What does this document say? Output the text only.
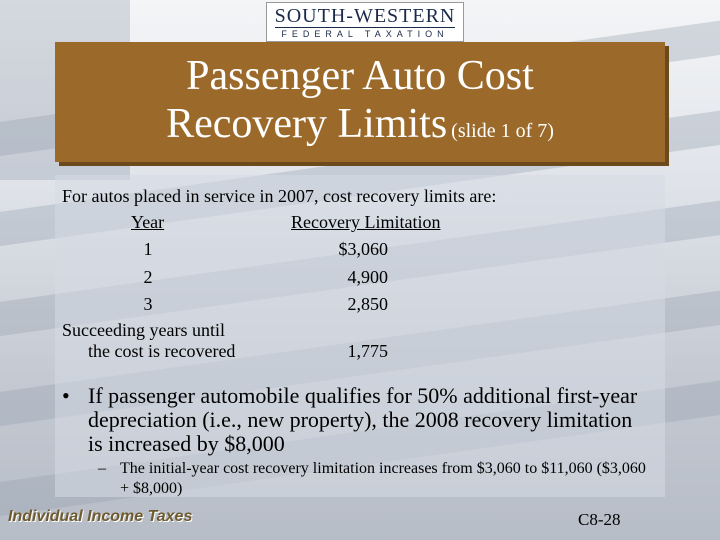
SOUTH-WESTERN
FEDERAL TAXATION
Passenger Auto Cost
Recovery Limits (slide 1 of 7)
For autos placed in service in 2007, cost recovery limits are:
Year	Recovery Limitation
1	$3,060
2	4,900
3	2,850
Succeeding years until
the cost is recovered	1,775
• If passenger automobile qualifies for 50% additional first-year depreciation (i.e., new property), the 2008 recovery limitation is increased by $8,000
– The initial-year cost recovery limitation increases from $3,060 to $11,060 ($3,060 + $8,000)
Individual Income Taxes	C8-28
